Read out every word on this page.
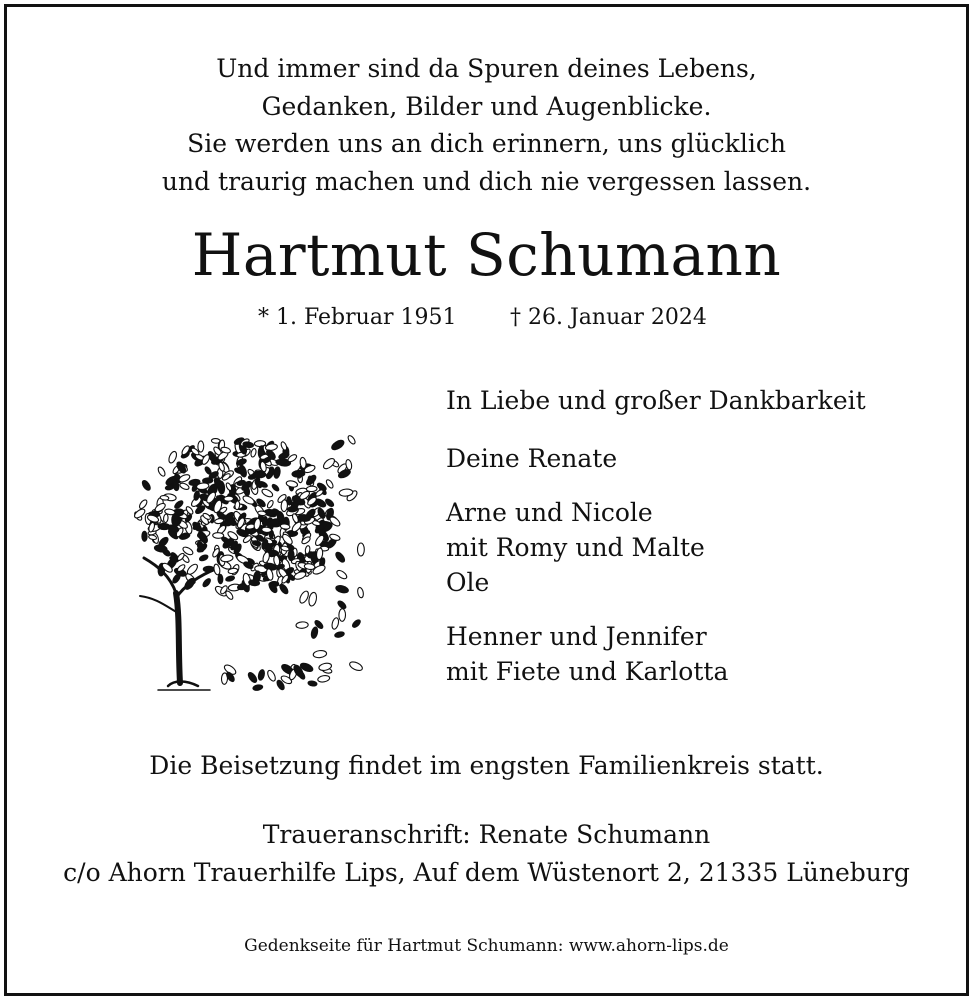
Und immer sind da Spuren deines Lebens,
Gedanken, Bilder und Augenblicke.
Sie werden uns an dich erinnern, uns glücklich
und traurig machen und dich nie vergessen lassen.
Hartmut Schumann
* 1. Februar 1951 † 26. Januar 2024
In Liebe und großer Dankbarkeit
Deine Renate
Arne und Nicole
mit Romy und Malte
Ole
Henner und Jennifer
mit Fiete und Karlotta
Die Beisetzung findet im engsten Familienkreis statt.
Traueranschrift: Renate Schumann
c/o Ahorn Trauerhilfe Lips, Auf dem Wüstenort 2, 21335 Lüneburg
Gedenkseite für Hartmut Schumann: www.ahorn-lips.de
